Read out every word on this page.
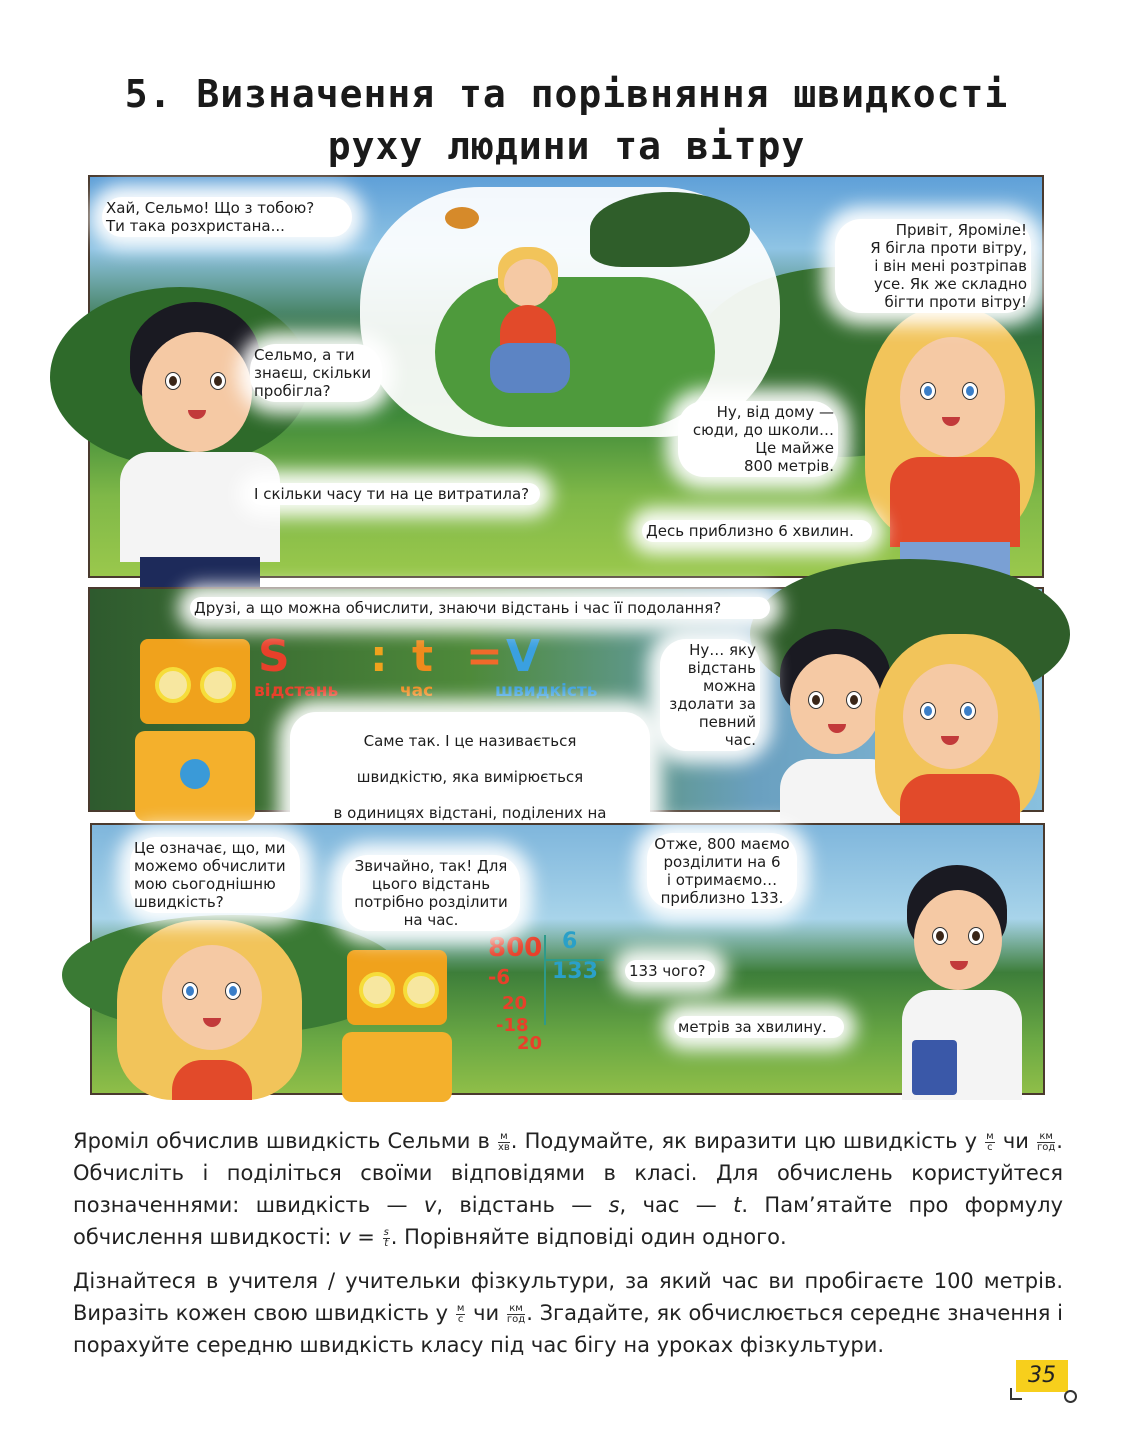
5. Визначення та порівняння швидкості
руху людини та вітру
Хай, Сельмо! Що з тобою?
Ти така розхристана...	Привіт, Яроміле!
Я бігла проти вітру,
і він мені розтріпав
усе. Як же складно
бігти проти вітру!
Сельмо, а ти
знаєш, скільки
пробігла?
Ну, від дому —
сюди, до школи…
Це майже
800 метрів.
І скільки часу ти на це витратила?
Десь приблизно 6 хвилин.
S : t = V
відстань	час	швидкість
Друзі, а що можна обчислити, знаючи відстань і час її подолання?
Ну… яку
відстань
можна
здолати за
певний час.

Саме так. І це називається

швидкістю, яка вимірюється

в одиницях відстані, поділених на

800 6
133
-6
20
-18
20
Це означає, що, ми
можемо обчислити
мою сьогоднішню
швидкість?
Звичайно, так! Для
цього відстань
потрібно розділити
на час.
Отже, 800 маємо
розділити на 6
і отримаємо…
приблизно 133.
133 чого?
метрів за хвилину.
Яроміл обчислив швидкість Сельми в $\frac{м}{хв}$ . Подумайте, як виразити цю швидкість у $\frac{м}{с}$ чи $\frac{км}{\text{год}}$ . Обчисліть і поділіться своїми відповідями в класі. Для обчислень користуйтеся позначеннями: швидкість — v, відстань — s, час — t. Пам’ятайте про формулу обчислення швидкості: $v = \frac{s}{t}$ . Порівняйте відповіді один одного.
Дізнайтеся в учителя / учительки фізкультури, за який час ви пробігаєте 100 метрів. Виразіть кожен свою швидкість у $\frac{м}{с}$ чи $\frac{км}{\text{год}}$ . Згадайте, як обчислюється середнє значення і порахуйте середню швидкість класу під час бігу на уроках фізкультури.
35
